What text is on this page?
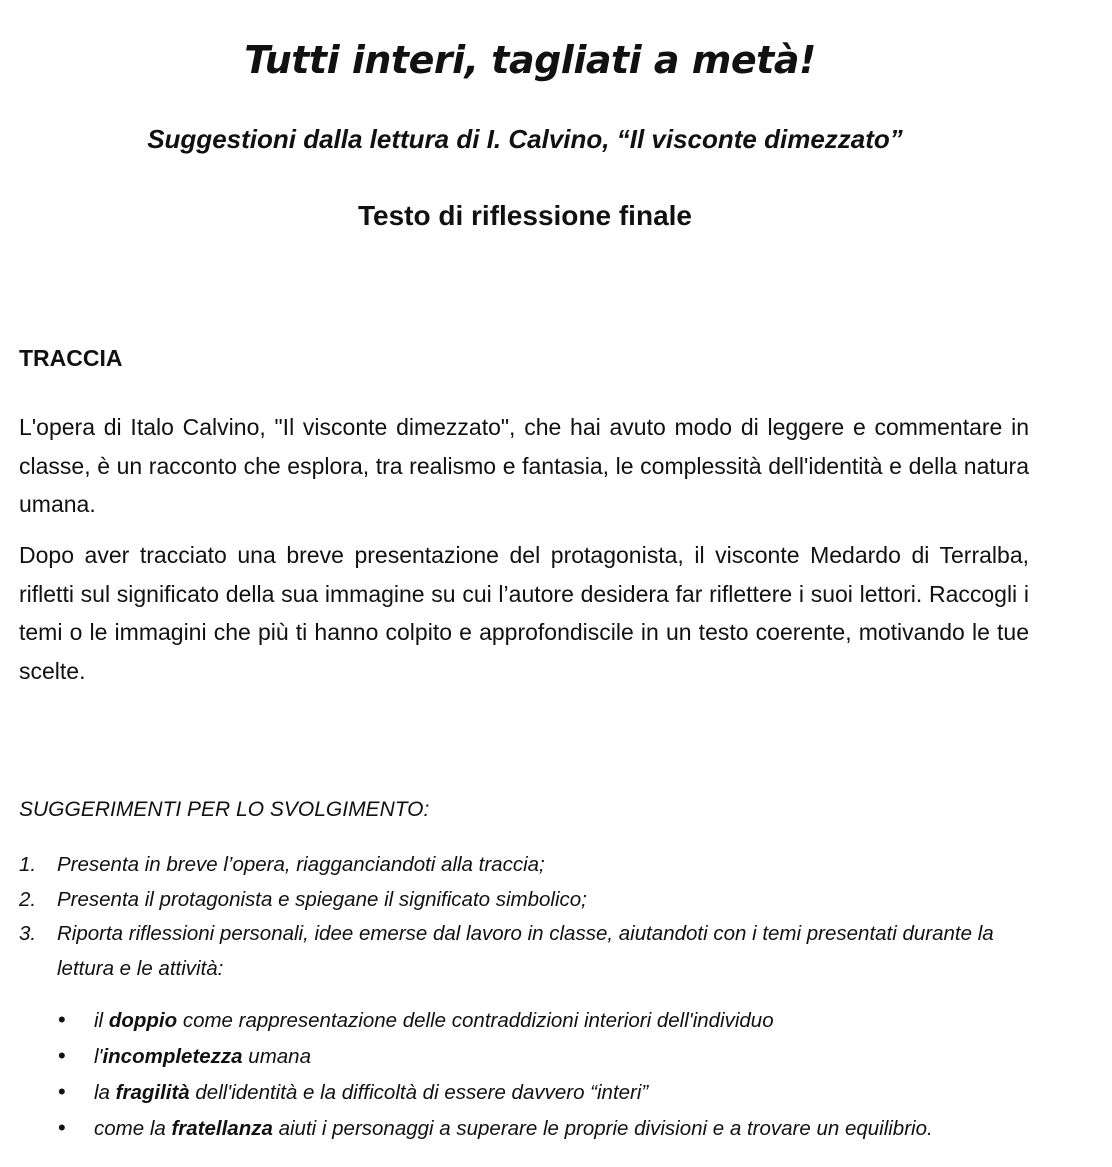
Tutti interi, tagliati a metà!
Suggestioni dalla lettura di I. Calvino, “Il visconte dimezzato”
Testo di riflessione finale
TRACCIA
L'opera di Italo Calvino, "Il visconte dimezzato", che hai avuto modo di leggere e commentare in classe, è un racconto che esplora, tra realismo e fantasia, le complessità dell'identità e della natura umana.
Dopo aver tracciato una breve presentazione del protagonista, il visconte Medardo di Terralba, rifletti sul significato della sua immagine su cui l’autore desidera far riflettere i suoi lettori. Raccogli i temi o le immagini che più ti hanno colpito e approfondiscile in un testo coerente, motivando le tue scelte.
SUGGERIMENTI PER LO SVOLGIMENTO:
1.	Presenta in breve l’opera, riagganciandoti alla traccia;
2.	Presenta il protagonista e spiegane il significato simbolico;
3.	Riporta riflessioni personali, idee emerse dal lavoro in classe, aiutandoti con i temi presentati durante la lettura e le attività:
•	il doppio come rappresentazione delle contraddizioni interiori dell'individuo
•	l'incompletezza umana
•	la fragilità dell'identità e la difficoltà di essere davvero “interi”
•	come la fratellanza aiuti i personaggi a superare le proprie divisioni e a trovare un equilibrio.
